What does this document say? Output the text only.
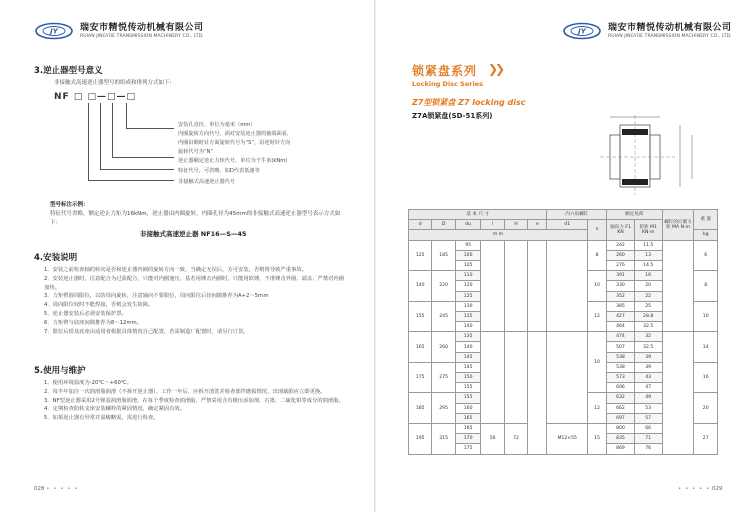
JY 瑞安市精悦传动机械有限公司
RUIAN JINGYUE TRANSMISSION MACHINERY CO., LTD.
3.逆止器型号意义
非接触式高速逆止器型号的组成和排列方式如下:
NF □ □—□—□
安装孔直径，单位为毫米（mm）
内圈旋转方向代号，面对安装逆止器的轴端面看，
内圈沿顺时针方面旋转代号为“S”，沿逆时针方向
旋转代号为“N”
逆止器额定逆止力矩代号，单位为千牛米(kNm)
特征代号，可省略，如D代表低速等
非接触式高速逆止器代号
型号标注示例：
特征代号省略，额定逆止力矩为16kNm，逆止器由内圈旋转，内圈孔径为45mm的非接触式高速逆止器型号表示方式如下：
非接触式高速逆止器 NF16—S—45
4.安装说明
1．安装之前检查轴的转向是否和逆止器内圈的旋转方向一致，当确定无误后，方可安装，否则将导致严重事故。
2．安装逆止器时，注意配合为过盈配合，只能对内圈施压，基若用锤击内圈时，只能用软锤，不准锤击外圈、端盖、严禁对内圈加热。
3．力矩臂圆周限位，以防周向旋转，注意轴向不要限位，周向限位后铰间隙推荐为A+2～5mm
4．周向限位铰时不能焊接，否则会发生故障。
5．逆止器安装后必须安装保护罩。
6．力矩臂与底座间隙推荐为8～12mm。
7．限位后铁及底座由适用者根据具体情况自己配置，若需制造厂配置时，请另行订货。
5.使用与维护
1．使用环境温度为-20℃～+60℃。
2．每半年加注一次润滑脂润滑（不拆开逆止器），工作一年后，应拆开清洗并检查部件磨损情况，出现缺陷应立即更换。
3．NF型逆止器采用2号锂基润滑脂润滑，在每个季度检查润滑脂，严禁采用含有极压添加剂、石墨、二硫化钼等成分的润滑脂。
4．定期检查防转支座安装螺栓的紧固情况，确定紧固有效。
5．如果逆止器有异常并温峻略需，需进行检查。
028 • • • • •
JY 瑞安市精悦传动机械有限公司
RUIAN JINGYUE TRANSMISSION MACHINERY CO., LTD.
• • • • • 029
锁紧盘系列 ❯❯
Locking Disc Series
Z7型锁紧盘 Z7 locking disc
Z7A锁紧盘(SD-51系列)
基 本 尺 寸						内六角螺钉		额定负荷		螺钉的拧紧力矩 MA N·m	重 量
d	D	du	l	H	e	d1	n	轴向力 F1 KN	扭矩 M1 KN·m		
m m											kg
125	185	95					8	242	11.5		6
		100						260	13		
		105						276	14.5		
140	220	110					10	391	16		8
		120						330	20		
		125						352	22		
155	245	130					12	385	25		10
		135						427	28.8		
		140						464	32.5		
165	260	135					10	474	32		14
		140						507	32.5		
		145						538	39		
175	275	145						538	39		16
		150						573	43		
		155						606	47		
185	295	155					12	632	49		20
		160						662	53		
		165						697	57		
195	315	165	56	72		M12×55	15	800	66		27
		170						835	71		
		175						869	76		
